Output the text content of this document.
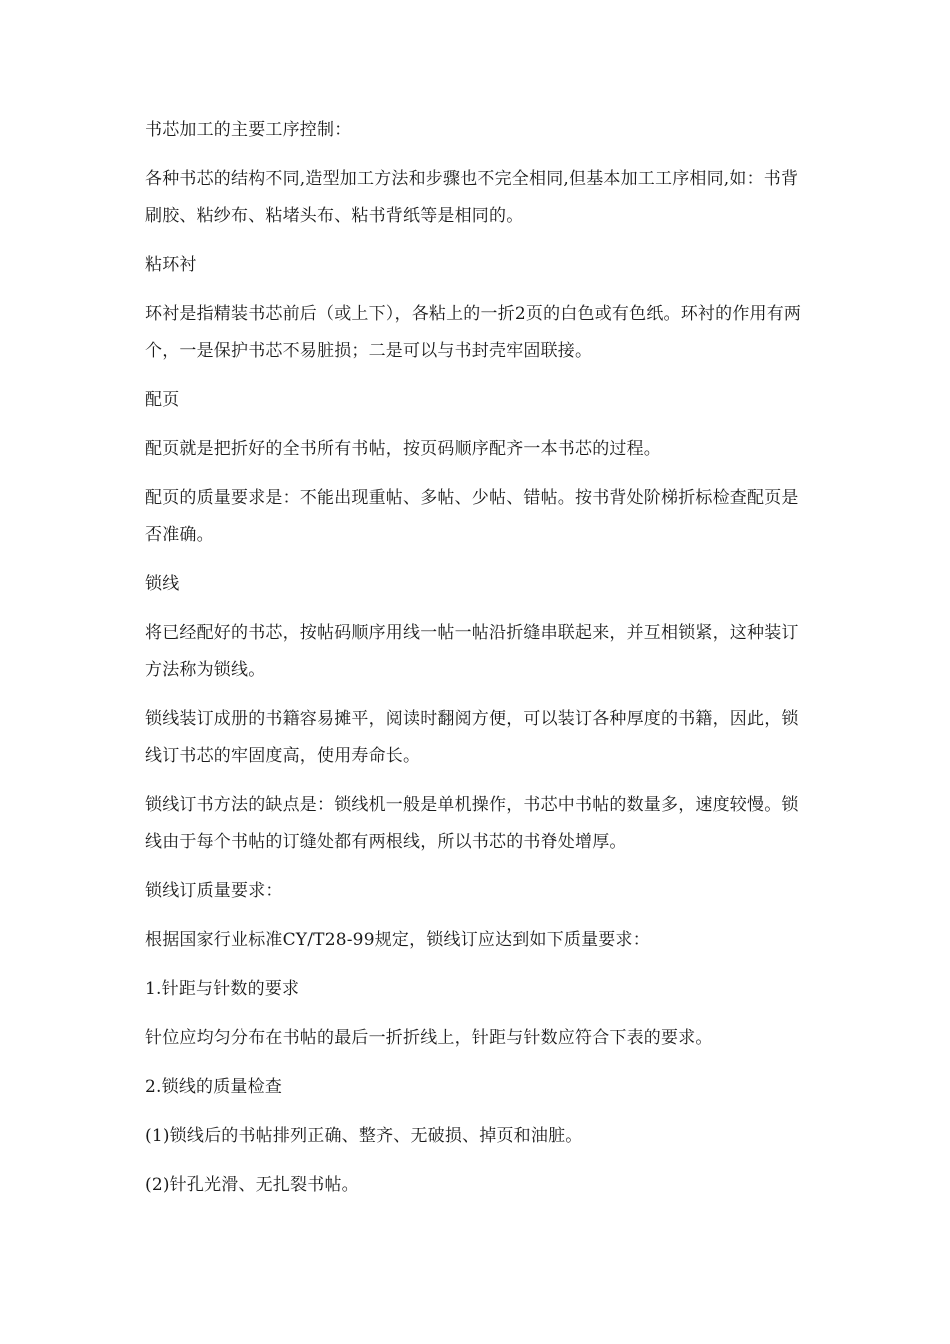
书芯加工的主要工序控制：

各种书芯的结构不同,造型加工方法和步骤也不完全相同,但基本加工工序相同,如：书背刷胶、粘纱布、粘堵头布、粘书背纸等是相同的。

粘环衬

环衬是指精装书芯前后（或上下），各粘上的一折2页的白色或有色纸。环衬的作用有两个，一是保护书芯不易脏损；二是可以与书封壳牢固联接。

配页

配页就是把折好的全书所有书帖，按页码顺序配齐一本书芯的过程。

配页的质量要求是：不能出现重帖、多帖、少帖、错帖。按书背处阶梯折标检查配页是否准确。

锁线

将已经配好的书芯，按帖码顺序用线一帖一帖沿折缝串联起来，并互相锁紧，这种装订方法称为锁线。

锁线装订成册的书籍容易摊平，阅读时翻阅方便，可以装订各种厚度的书籍，因此，锁线订书芯的牢固度高，使用寿命长。

锁线订书方法的缺点是：锁线机一般是单机操作，书芯中书帖的数量多，速度较慢。锁线由于每个书帖的订缝处都有两根线，所以书芯的书脊处增厚。

锁线订质量要求：

根据国家行业标准CY/T28-99规定，锁线订应达到如下质量要求：

1.针距与针数的要求

针位应均匀分布在书帖的最后一折折线上，针距与针数应符合下表的要求。

2.锁线的质量检查

(1)锁线后的书帖排列正确、整齐、无破损、掉页和油脏。

(2)针孔光滑、无扎裂书帖。
